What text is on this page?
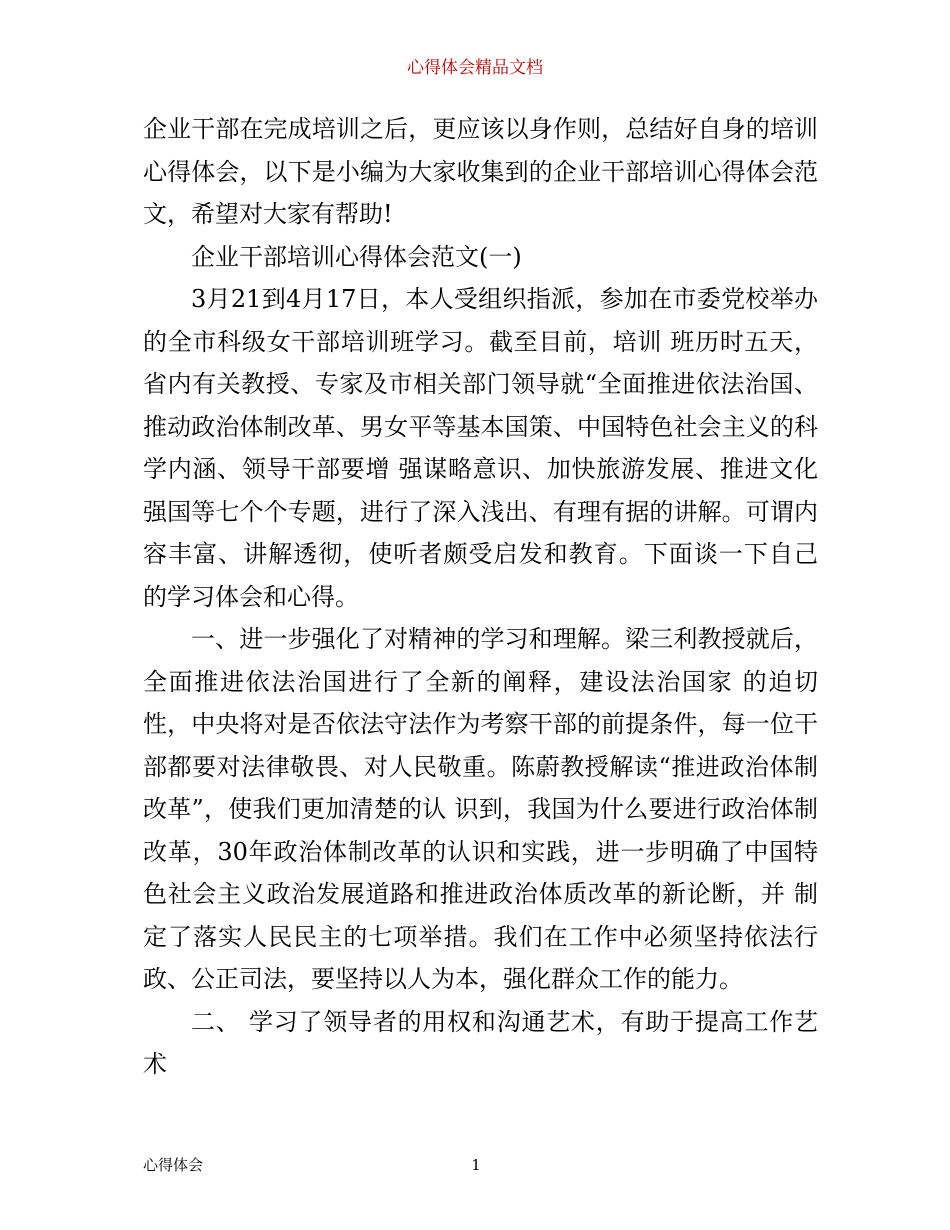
心得体会精品文档

企业干部在完成培训之后，更应该以身作则，总结好自身的培训心得体会，以下是小编为大家收集到的企业干部培训心得体会范文，希望对大家有帮助!

企业干部培训心得体会范文(一)

3月21到4月17日，本人受组织指派，参加在市委党校举办的全市科级女干部培训班学习。截至目前，培训 班历时五天，省内有关教授、专家及市相关部门领导就“全面推进依法治国、推动政治体制改革、男女平等基本国策、中国特色社会主义的科学内涵、领导干部要增 强谋略意识、加快旅游发展、推进文化强国等七个个专题，进行了深入浅出、有理有据的讲解。可谓内容丰富、讲解透彻，使听者颇受启发和教育。下面谈一下自己 的学习体会和心得。

一、进一步强化了对精神的学习和理解。梁三利教授就后，全面推进依法治国进行了全新的阐释，建设法治国家 的迫切性，中央将对是否依法守法作为考察干部的前提条件，每一位干部都要对法律敬畏、对人民敬重。陈蔚教授解读“推进政治体制改革”，使我们更加清楚的认 识到，我国为什么要进行政治体制改革，30年政治体制改革的认识和实践，进一步明确了中国特色社会主义政治发展道路和推进政治体质改革的新论断，并 制定了落实人民民主的七项举措。我们在工作中必须坚持依法行政、公正司法，要坚持以人为本，强化群众工作的能力。

二、 学习了领导者的用权和沟通艺术，有助于提高工作艺术

心得体会	1
